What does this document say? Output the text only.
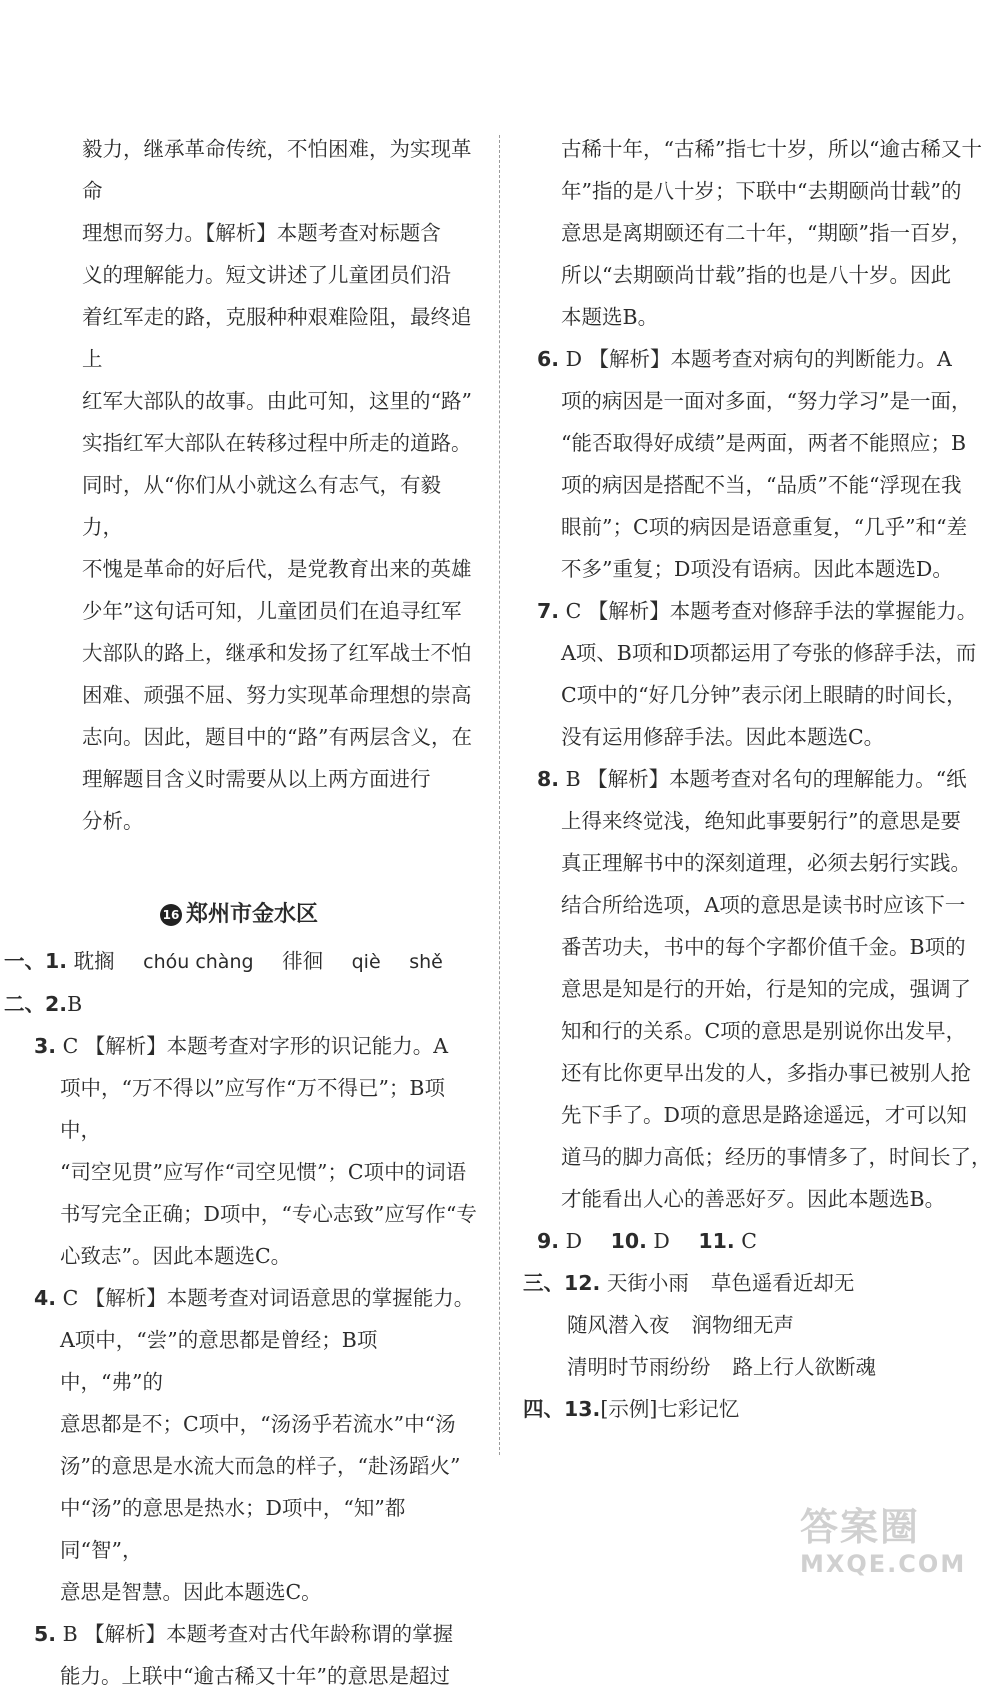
毅力，继承革命传统，不怕困难，为实现革命

理想而努力。【解析】本题考查对标题含

义的理解能力。短文讲述了儿童团员们沿

着红军走的路，克服种种艰难险阻，最终追上

红军大部队的故事。由此可知，这里的“路”

实指红军大部队在转移过程中所走的道路。

同时，从“你们从小就这么有志气，有毅力，

不愧是革命的好后代，是党教育出来的英雄

少年”这句话可知，儿童团员们在追寻红军

大部队的路上，继承和发扬了红军战士不怕

困难、顽强不屈、努力实现革命理想的崇高

志向。因此，题目中的“路”有两层含义，在

理解题目含义时需要从以上两方面进行

分析。

16 郑州市金水区

一、1. 耽搁 chóu chàng 徘徊 qiè shě

二、2.B

3. C 【解析】本题考查对字形的识记能力。A

项中，“万不得以”应写作“万不得已”；B项中，

“司空见贯”应写作“司空见惯”；C项中的词语

书写完全正确；D项中，“专心志致”应写作“专

心致志”。因此本题选C。

4. C 【解析】本题考查对词语意思的掌握能力。

A项中，“尝”的意思都是曾经；B项中，“弗”的

意思都是不；C项中，“汤汤乎若流水”中“汤

汤”的意思是水流大而急的样子，“赴汤蹈火”

中“汤”的意思是热水；D项中，“知”都同“智”，

意思是智慧。因此本题选C。

5. B 【解析】本题考查对古代年龄称谓的掌握

能力。上联中“逾古稀又十年”的意思是超过

古稀十年，“古稀”指七十岁，所以“逾古稀又十

年”指的是八十岁；下联中“去期颐尚廿载”的

意思是离期颐还有二十年，“期颐”指一百岁，

所以“去期颐尚廿载”指的也是八十岁。因此

本题选B。

6. D 【解析】本题考查对病句的判断能力。A

项的病因是一面对多面，“努力学习”是一面，

“能否取得好成绩”是两面，两者不能照应；B

项的病因是搭配不当，“品质”不能“浮现在我

眼前”；C项的病因是语意重复，“几乎”和“差

不多”重复；D项没有语病。因此本题选D。

7. C 【解析】本题考查对修辞手法的掌握能力。

A项、B项和D项都运用了夸张的修辞手法，而

C项中的“好几分钟”表示闭上眼睛的时间长，

没有运用修辞手法。因此本题选C。

8. B 【解析】本题考查对名句的理解能力。“纸

上得来终觉浅，绝知此事要躬行”的意思是要

真正理解书中的深刻道理，必须去躬行实践。

结合所给选项，A项的意思是读书时应该下一

番苦功夫，书中的每个字都价值千金。B项的

意思是知是行的开始，行是知的完成，强调了

知和行的关系。C项的意思是别说你出发早，

还有比你更早出发的人，多指办事已被别人抢

先下手了。D项的意思是路途遥远，才可以知

道马的脚力高低；经历的事情多了，时间长了，

才能看出人心的善恶好歹。因此本题选B。

9. D 10. D 11. C

三、12. 天街小雨 草色遥看近却无

随风潜入夜 润物细无声

清明时节雨纷纷 路上行人欲断魂

四、13.[示例]七彩记忆

答案圈
MXQE.COM
